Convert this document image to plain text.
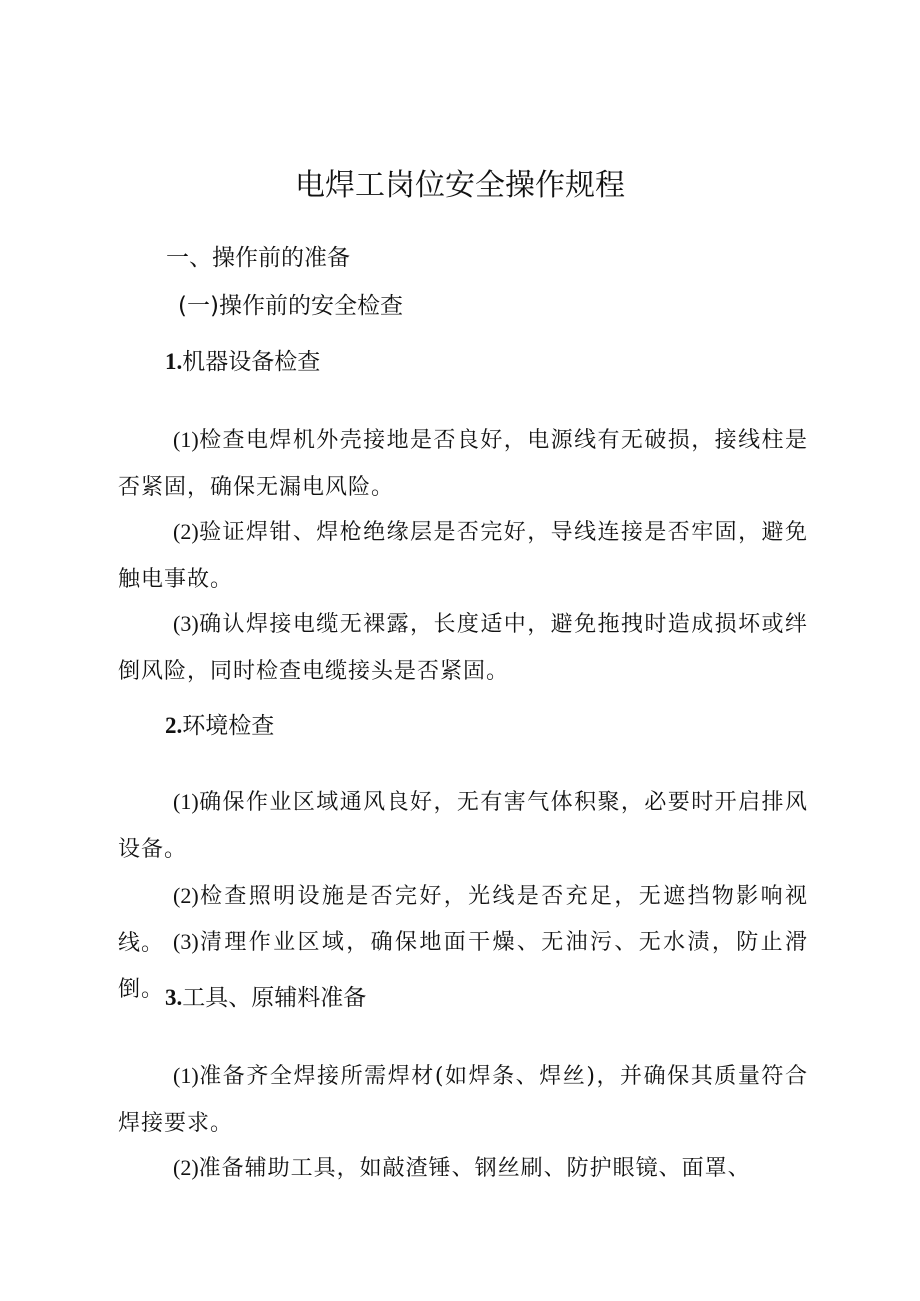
电焊工岗位安全操作规程
一、操作前的准备
(一)操作前的安全检查
1.机器设备检查
(1)检查电焊机外壳接地是否良好，电源线有无破损，接线柱是否紧固，确保无漏电风险。
(2)验证焊钳、焊枪绝缘层是否完好，导线连接是否牢固，避免触电事故。
(3)确认焊接电缆无裸露，长度适中，避免拖拽时造成损坏或绊倒风险，同时检查电缆接头是否紧固。
2.环境检查
(1)确保作业区域通风良好，无有害气体积聚，必要时开启排风设备。
(2)检查照明设施是否完好，光线是否充足，无遮挡物影响视线。 (3)清理作业区域，确保地面干燥、无油污、无水渍，防止滑倒。 3.工具、原辅料准备
(1)准备齐全焊接所需焊材(如焊条、焊丝)，并确保其质量符合焊接要求。
(2)准备辅助工具，如敲渣锤、钢丝刷、防护眼镜、面罩、
